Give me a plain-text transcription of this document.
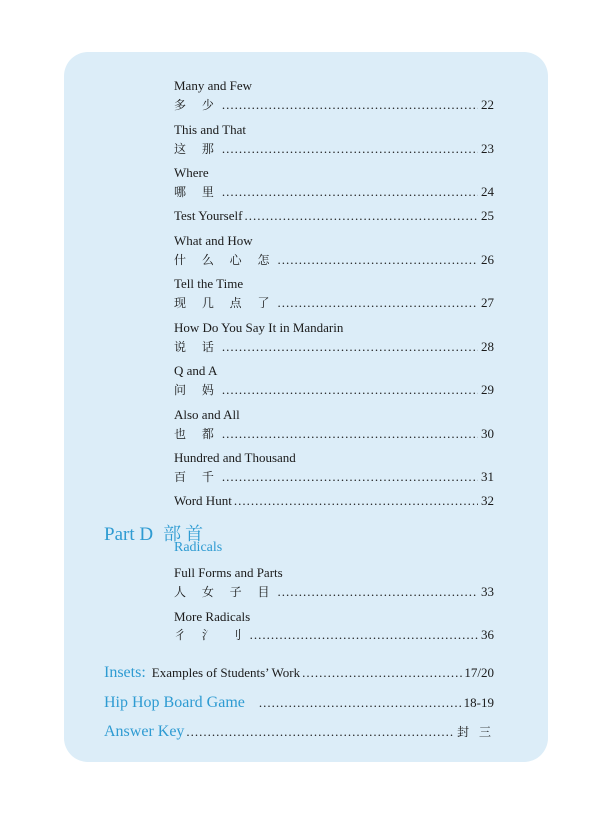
Many and Few
多 少 .....	22
This and That
这 那 .....	23
Where
哪 里 .....	24
Test Yourself .....	25
What and How
什 么 心 怎 .....	26
Tell the Time
现 几 点 了 .....	27
How Do You Say It in Mandarin
说 话 .....	28
Q and A
问 妈 .....	29
Also and All
也 都 .....	30
Hundred and Thousand
百 千 .....	31
Word Hunt .....	32
Part D 部首
Radicals
Full Forms and Parts
人 女 子 目 .....	33
More Radicals
彳 氵 刂 .....	36
Insets: Examples of Students’ Work .....	17/20
Hip Hop Board Game .....	18-19
Answer Key .....	封 三
